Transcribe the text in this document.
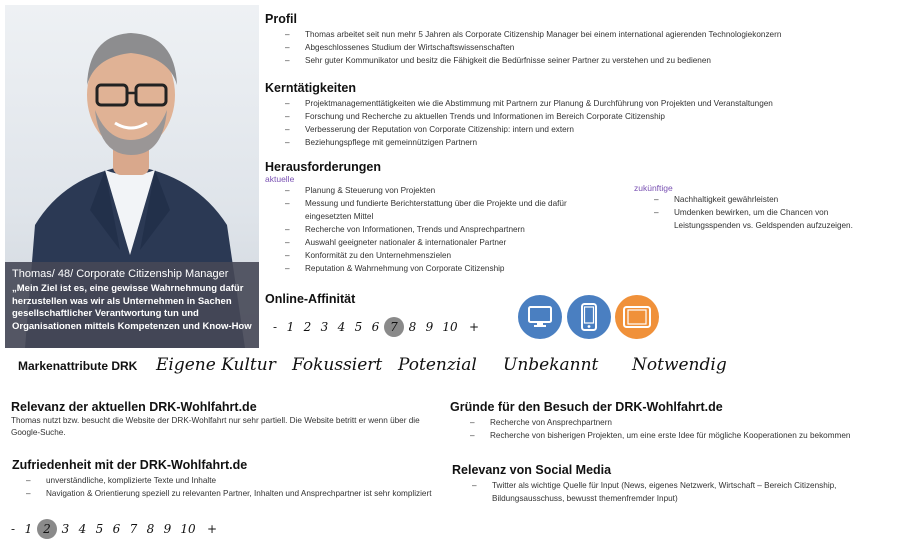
Thomas/ 48/ Corporate Citizenship Manager
„Mein Ziel ist es, eine gewisse Wahrnehmung dafür herzustellen was wir als Unternehmen in Sachen gesellschaftlicher Verantwortung tun und Organisationen mittels Kompetenzen und Know-How
Profil
– Thomas arbeitet seit nun mehr 5 Jahren als Corporate Citizenship Manager bei einem international agierenden Technologiekonzern
– Abgeschlossenes Studium der Wirtschaftswissenschaften
– Sehr guter Kommunikator und besitz die Fähigkeit die Bedürfnisse seiner Partner zu verstehen und zu bedienen
Kerntätigkeiten
– Projektmanagementtätigkeiten wie die Abstimmung mit Partnern zur Planung & Durchführung von Projekten und Veranstaltungen
– Forschung und Recherche zu aktuellen Trends und Informationen im Bereich Corporate Citizenship
– Verbesserung der Reputation von Corporate Citizenship: intern und extern
– Beziehungspflege mit gemeinnützigen Partnern
Herausforderungen
aktuelle
– Planung & Steuerung von Projekten
– Messung und fundierte Berichterstattung über die Projekte und die dafür eingesetzten Mittel
– Recherche von Informationen, Trends und Ansprechpartnern
– Auswahl geeigneter nationaler & internationaler Partner
– Konformität zu den Unternehmenszielen
– Reputation & Wahrnehmung von Corporate Citizenship
zukünftige
– Nachhaltigkeit gewährleisten
– Umdenken bewirken, um die Chancen von Leistungsspenden vs. Geldspenden aufzuzeigen.
Online-Affinität
- 1 2 3 4 5 6 7 8 9 10 +
Markenattribute DRK Eigene Kultur Fokussiert Potenzial Unbekannt Notwendig
Relevanz der aktuellen DRK-Wohlfahrt.de
Thomas nutzt bzw. besucht die Website der DRK-Wohlfahrt nur sehr partiell. Die Website betritt er wenn über die Google-Suche.
Zufriedenheit mit der DRK-Wohlfahrt.de
– unverständliche, komplizierte Texte und Inhalte
– Navigation & Orientierung speziell zu relevanten Partner, Inhalten und Ansprechpartner ist sehr kompliziert
- 1 2 3 4 5 6 7 8 9 10 +
Gründe für den Besuch der DRK-Wohlfahrt.de
– Recherche von Ansprechpartnern
– Recherche von bisherigen Projekten, um eine erste Idee für mögliche Kooperationen zu bekommen
Relevanz von Social Media
– Twitter als wichtige Quelle für Input (News, eigenes Netzwerk, Wirtschaft – Bereich Citizenship, Bildungsausschuss, bewusst themenfremder Input)
